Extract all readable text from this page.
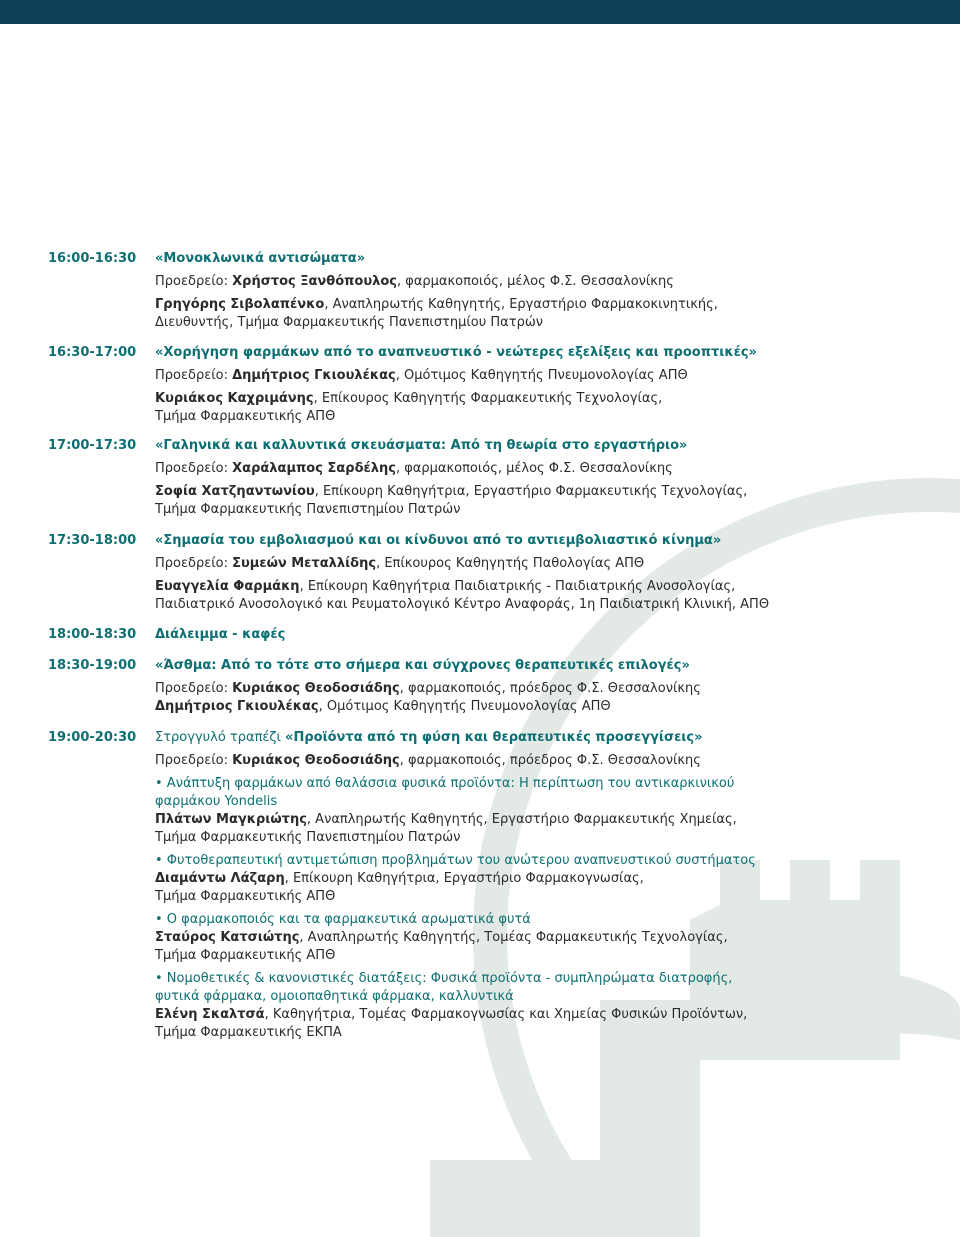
16:00-16:30	«Μονοκλωνικά αντισώματα»
Προεδρείο: Χρήστος Ξανθόπουλος, φαρμακοποιός, μέλος Φ.Σ. Θεσσαλονίκης
Γρηγόρης Σιβολαπένκο, Αναπληρωτής Καθηγητής, Εργαστήριο Φαρμακοκινητικής,
Διευθυντής, Τμήμα Φαρμακευτικής Πανεπιστημίου Πατρών
16:30-17:00	«Χορήγηση φαρμάκων από το αναπνευστικό - νεώτερες εξελίξεις και προοπτικές»
Προεδρείο: Δημήτριος Γκιουλέκας, Ομότιμος Καθηγητής Πνευμονολογίας ΑΠΘ
Κυριάκος Καχριμάνης, Επίκουρος Καθηγητής Φαρμακευτικής Τεχνολογίας,
Τμήμα Φαρμακευτικής ΑΠΘ
17:00-17:30	«Γαληνικά και καλλυντικά σκευάσματα: Από τη θεωρία στο εργαστήριο»
Προεδρείο: Χαράλαμπος Σαρδέλης, φαρμακοποιός, μέλος Φ.Σ. Θεσσαλονίκης
Σοφία Χατζηαντωνίου, Επίκουρη Καθηγήτρια, Εργαστήριο Φαρμακευτικής Τεχνολογίας,
Τμήμα Φαρμακευτικής Πανεπιστημίου Πατρών
17:30-18:00	«Σημασία του εμβολιασμού και οι κίνδυνοι από το αντιεμβολιαστικό κίνημα»
Προεδρείο: Συμεών Μεταλλίδης, Επίκουρος Καθηγητής Παθολογίας ΑΠΘ
Ευαγγελία Φαρμάκη, Επίκουρη Καθηγήτρια Παιδιατρικής - Παιδιατρικής Ανοσολογίας,
Παιδιατρικό Ανοσολογικό και Ρευματολογικό Κέντρο Αναφοράς, 1η Παιδιατρική Κλινική, ΑΠΘ
18:00-18:30	Διάλειμμα - καφές
18:30-19:00	«Άσθμα: Από το τότε στο σήμερα και σύγχρονες θεραπευτικές επιλογές»
Προεδρείο: Κυριάκος Θεοδοσιάδης, φαρμακοποιός, πρόεδρος Φ.Σ. Θεσσαλονίκης
Δημήτριος Γκιουλέκας, Ομότιμος Καθηγητής Πνευμονολογίας ΑΠΘ
19:00-20:30	Στρογγυλό τραπέζι «Προϊόντα από τη φύση και θεραπευτικές προσεγγίσεις»
Προεδρείο: Κυριάκος Θεοδοσιάδης, φαρμακοποιός, πρόεδρος Φ.Σ. Θεσσαλονίκης
• Ανάπτυξη φαρμάκων από θαλάσσια φυσικά προϊόντα: Η περίπτωση του αντικαρκινικού
φαρμάκου Yondelis
Πλάτων Μαγκριώτης, Αναπληρωτής Καθηγητής, Εργαστήριο Φαρμακευτικής Χημείας,
Τμήμα Φαρμακευτικής Πανεπιστημίου Πατρών
• Φυτοθεραπευτική αντιμετώπιση προβλημάτων του ανώτερου αναπνευστικού συστήματος
Διαμάντω Λάζαρη, Επίκουρη Καθηγήτρια, Εργαστήριο Φαρμακογνωσίας,
Τμήμα Φαρμακευτικής ΑΠΘ
• Ο φαρμακοποιός και τα φαρμακευτικά αρωματικά φυτά
Σταύρος Κατσιώτης, Αναπληρωτής Καθηγητής, Τομέας Φαρμακευτικής Τεχνολογίας,
Τμήμα Φαρμακευτικής ΑΠΘ
• Νομοθετικές & κανονιστικές διατάξεις: Φυσικά προϊόντα - συμπληρώματα διατροφής,
φυτικά φάρμακα, ομοιοπαθητικά φάρμακα, καλλυντικά
Ελένη Σκαλτσά, Καθηγήτρια, Τομέας Φαρμακογνωσίας και Χημείας Φυσικών Προϊόντων,
Τμήμα Φαρμακευτικής ΕΚΠΑ
